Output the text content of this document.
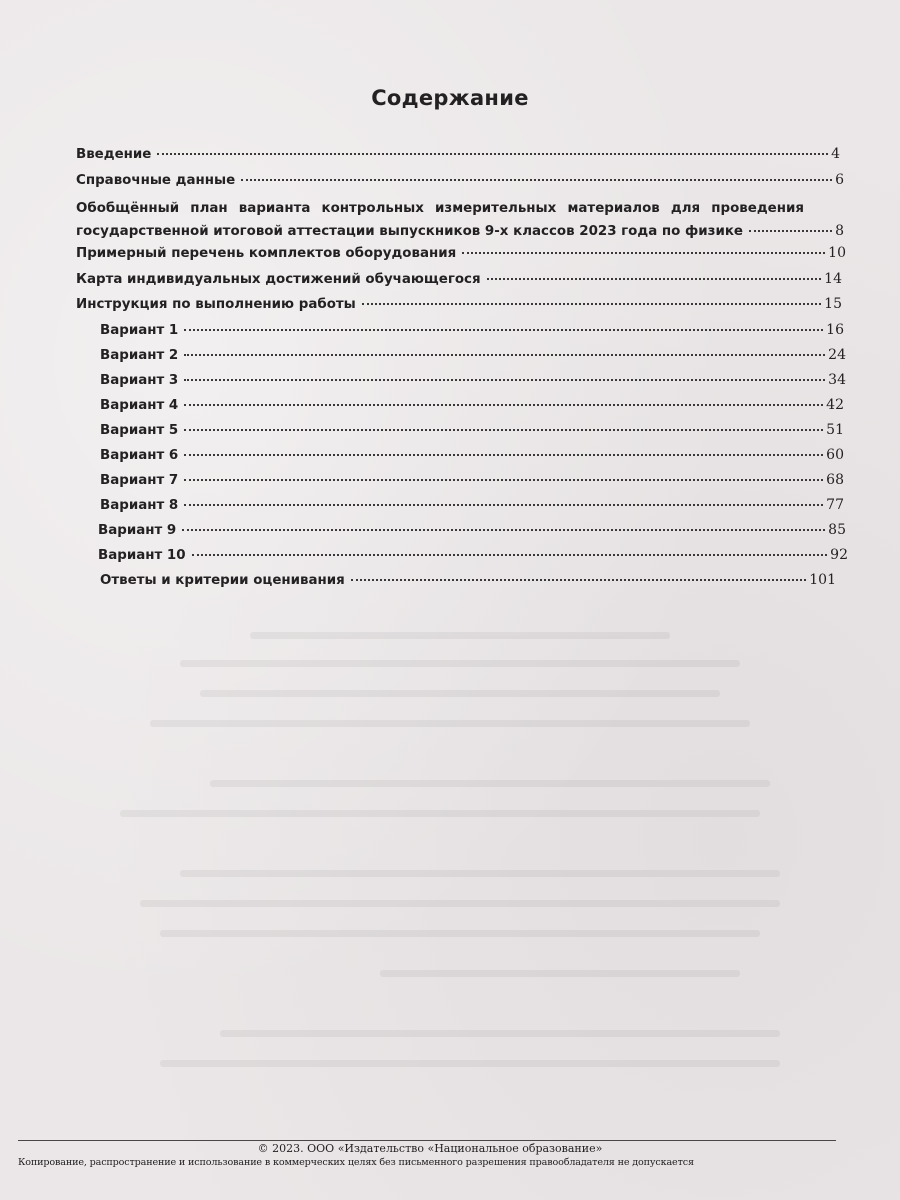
Содержание
Введение	4
Справочные данные	6
Обобщённый план варианта контрольных измерительных материалов для проведения
государственной итоговой аттестации выпускников 9-х классов 2023 года по физике	8
Примерный перечень комплектов оборудования	10
Карта индивидуальных достижений обучающегося	14
Инструкция по выполнению работы	15
Вариант 1	16
Вариант 2	24
Вариант 3	34
Вариант 4	42
Вариант 5	51
Вариант 6	60
Вариант 7	68
Вариант 8	77
Вариант 9	85
Вариант 10	92
Ответы и критерии оценивания	101

© 2023. ООО «Издательство «Национальное образование»

Копирование, распространение и использование в коммерческих целях без письменного разрешения правообладателя не допускается
